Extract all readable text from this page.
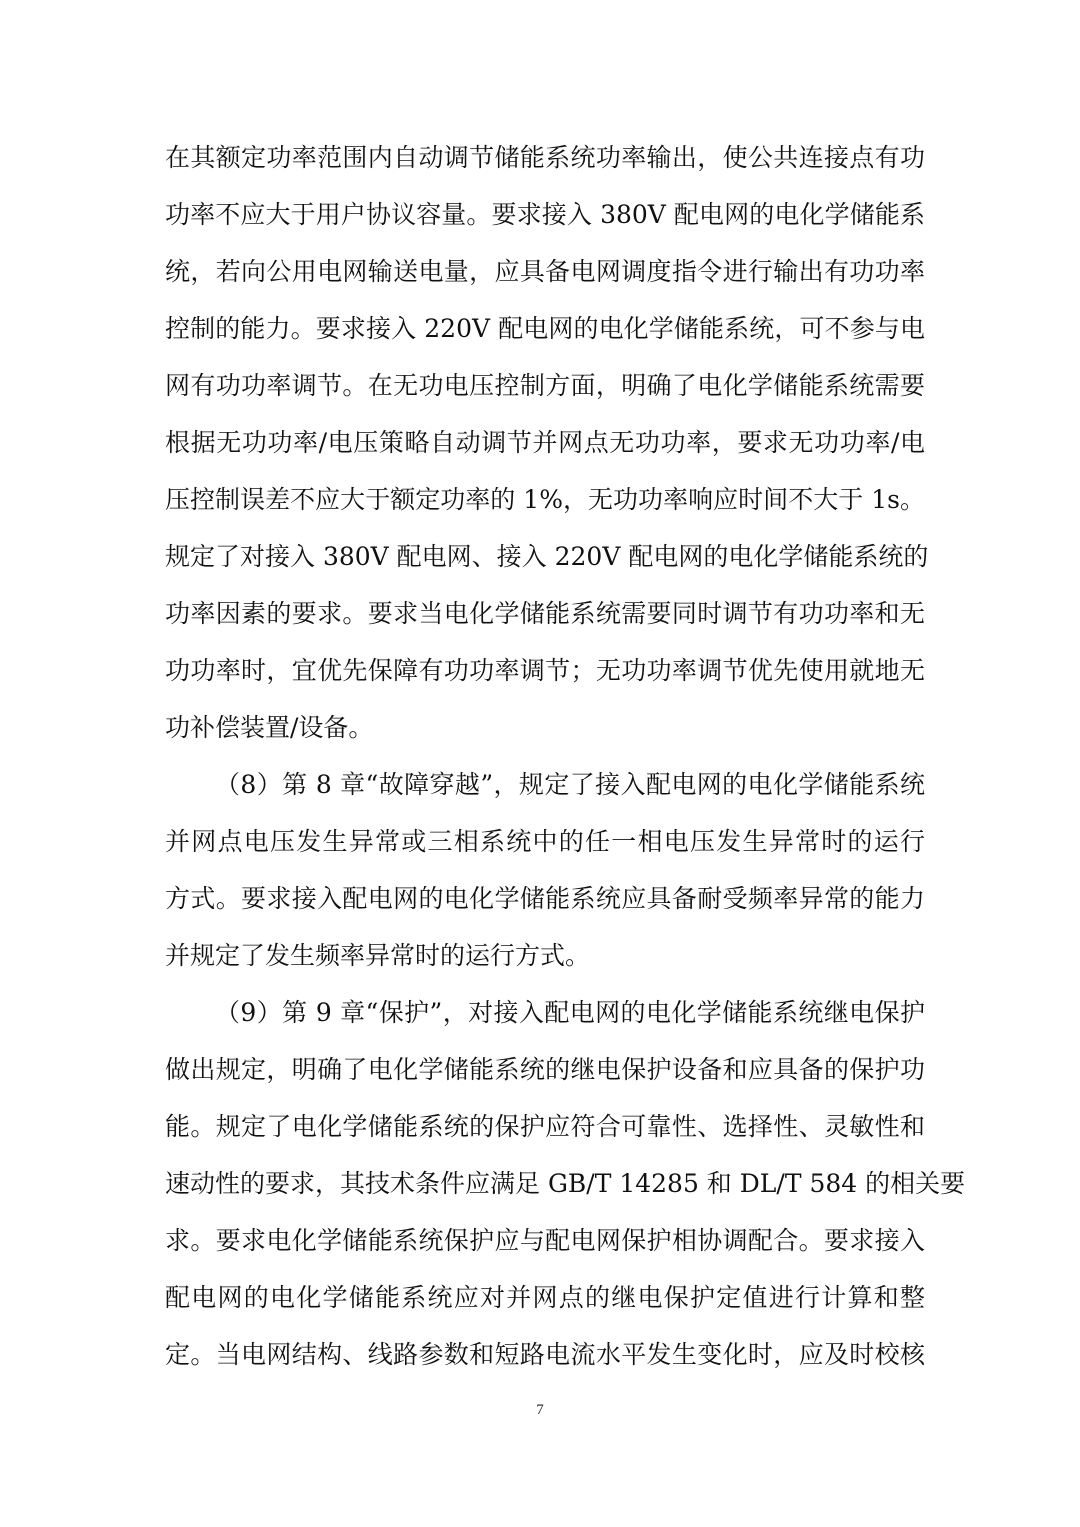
在其额定功率范围内自动调节储能系统功率输出，使公共连接点有功
功率不应大于用户协议容量。要求接入 380V 配电网的电化学储能系
统，若向公用电网输送电量，应具备电网调度指令进行输出有功功率
控制的能力。要求接入 220V 配电网的电化学储能系统，可不参与电
网有功功率调节。在无功电压控制方面，明确了电化学储能系统需要
根据无功功率/电压策略自动调节并网点无功功率，要求无功功率/电
压控制误差不应大于额定功率的 1%，无功功率响应时间不大于 1s。
规定了对接入 380V 配电网、接入 220V 配电网的电化学储能系统的
功率因素的要求。要求当电化学储能系统需要同时调节有功功率和无
功功率时，宜优先保障有功功率调节；无功功率调节优先使用就地无
功补偿装置/设备。
（8）第 8 章“故障穿越”，规定了接入配电网的电化学储能系统
并网点电压发生异常或三相系统中的任一相电压发生异常时的运行
方式。要求接入配电网的电化学储能系统应具备耐受频率异常的能力
并规定了发生频率异常时的运行方式。
（9）第 9 章“保护”，对接入配电网的电化学储能系统继电保护
做出规定，明确了电化学储能系统的继电保护设备和应具备的保护功
能。规定了电化学储能系统的保护应符合可靠性、选择性、灵敏性和
速动性的要求，其技术条件应满足 GB/T 14285 和 DL/T 584 的相关要
求。要求电化学储能系统保护应与配电网保护相协调配合。要求接入
配电网的电化学储能系统应对并网点的继电保护定值进行计算和整
定。当电网结构、线路参数和短路电流水平发生变化时，应及时校核
7
